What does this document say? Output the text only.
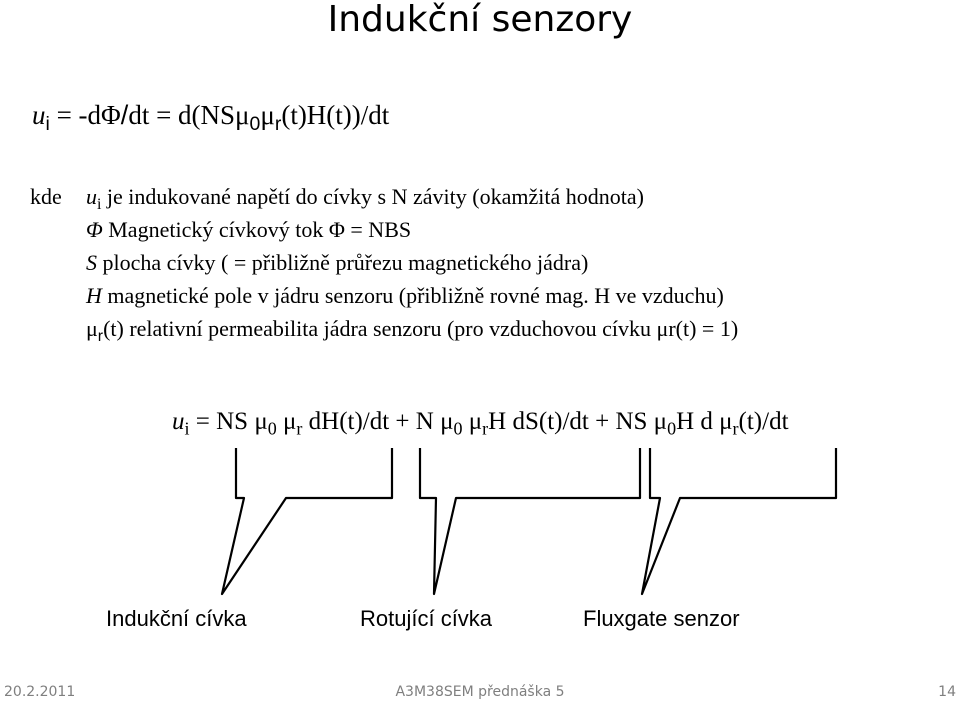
Indukční senzory
$u_i = -d\Phi/dt = d(NS\mu_0\mu_r(t)H(t))/dt$
kde $u_i$ je indukované napětí do cívky s N závity (okamžitá hodnota)
Φ Magnetický cívkový tok Φ = NBS
S plocha cívky ( = přibližně průřezu magnetického jádra)
H magnetické pole v jádru senzoru (přibližně rovné mag. H ve vzduchu)
$\mu_r(t)$ relativní permeabilita jádra senzoru (pro vzduchovou cívku μr(t) = 1)
$u_i$ = NS $\mu_0$ $\mu_r$ dH(t)/dt + N $\mu_0$ $\mu_rH$ dS(t)/dt + NS $\mu_0H$ d $\mu_r(t)/dt$
Indukční cívka	Rotující cívka	Fluxgate senzor
20.2.2011	A3M38SEM přednáška 5	14
